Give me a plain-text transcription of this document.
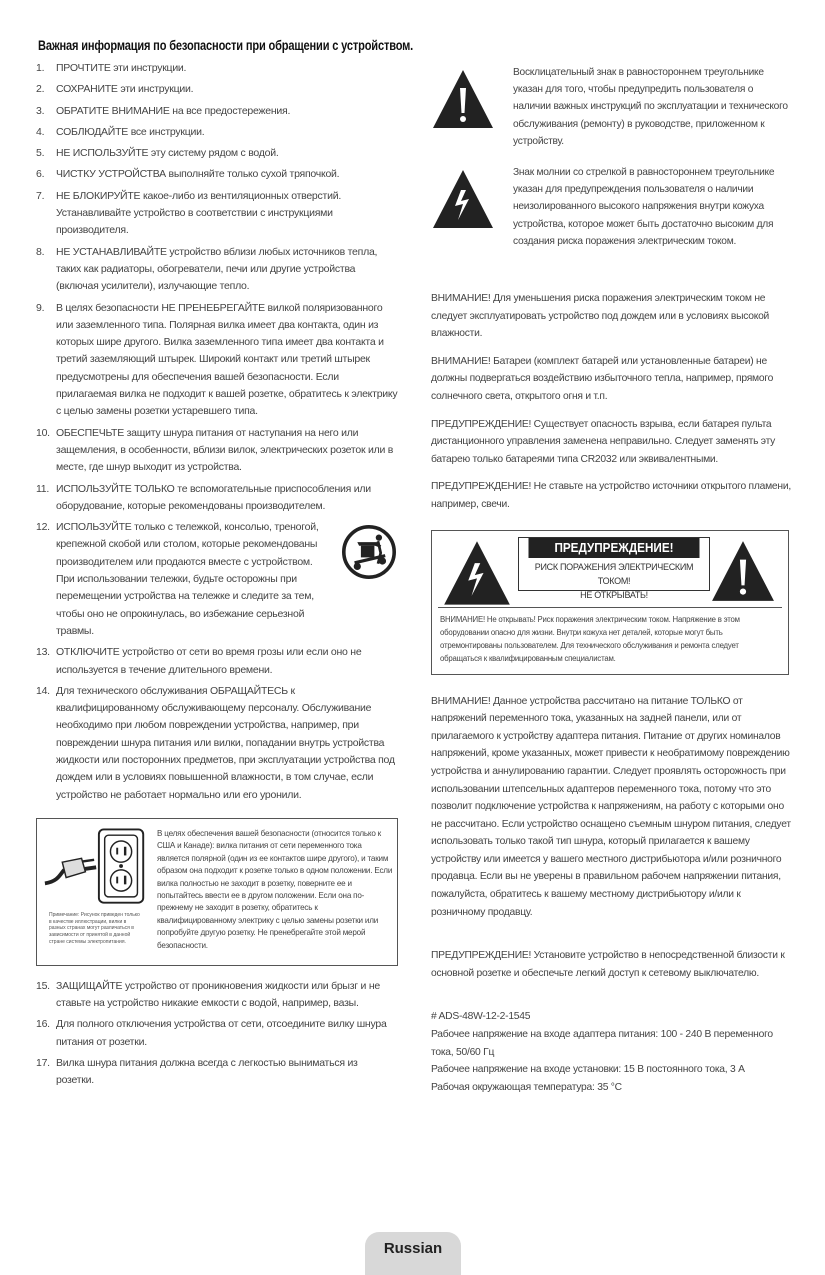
Важная информация по безопасности при обращении с устройством.
1. ПРОЧТИТЕ эти инструкции.
2. СОХРАНИТЕ эти инструкции.
3. ОБРАТИТЕ ВНИМАНИЕ на все предостережения.
4. СОБЛЮДАЙТЕ все инструкции.
5. НЕ ИСПОЛЬЗУЙТЕ эту систему рядом с водой.
6. ЧИСТКУ УСТРОЙСТВА выполняйте только сухой тряпочкой.
7. НЕ БЛОКИРУЙТЕ какое-либо из вентиляционных отверстий. Устанавливайте устройство в соответствии с инструкциями производителя.
8. НЕ УСТАНАВЛИВАЙТЕ устройство вблизи любых источников тепла, таких как радиаторы, обогреватели, печи или другие устройства (включая усилители), излучающие тепло.
9. В целях безопасности НЕ ПРЕНЕБРЕГАЙТЕ вилкой поляризованного или заземленного типа. Полярная вилка имеет два контакта, один из которых шире другого. Вилка заземленного типа имеет два контакта и третий заземляющий штырек. Широкий контакт или третий штырек предусмотрены для обеспечения вашей безопасности. Если прилагаемая вилка не подходит к вашей розетке, обратитесь к электрику с целью замены розетки устаревшего типа.
10. ОБЕСПЕЧЬТЕ защиту шнура питания от наступания на него или защемления, в особенности, вблизи вилок, электрических розеток или в месте, где шнур выходит из устройства.
11. ИСПОЛЬЗУЙТЕ ТОЛЬКО те вспомогательные приспособления или оборудование, которые рекомендованы производителем.
12. ИСПОЛЬЗУЙТЕ только с тележкой, консолью, треногой, крепежной скобой или столом, которые рекомендованы производителем или продаются вместе с устройством. При использовании тележки, будьте осторожны при перемещении устройства на тележке и следите за тем, чтобы оно не опрокинулась, во избежание серьезной травмы.
13. ОТКЛЮЧИТЕ устройство от сети во время грозы или если оно не используется в течение длительного времени.
14. Для технического обслуживания ОБРАЩАЙТЕСЬ к квалифицированному обслуживающему персоналу. Обслуживание необходимо при любом повреждении устройства, например, при повреждении шнура питания или вилки, попадании внутрь устройства жидкости или посторонних предметов, при эксплуатации устройства под дождем или в условиях повышенной влажности, в том случае, если устройство не работает нормально или его уронили.
Примечание: Рисунок приведен только в качестве иллюстрации, вилки в разных странах могут различаться в зависимости от принятой в данной стране системы электропитания.
В целях обеспечения вашей безопасности (относится только к США и Канаде): вилка питания от сети переменного тока является полярной (один из ее контактов шире другого), и таким образом она подходит к розетке только в одном положении. Если вилка полностью не заходит в розетку, поверните ее и попытайтесь ввести ее в другом положении. Если она по-прежнему не заходит в розетку, обратитесь к квалифицированному электрику с целью замены розетки или попробуйте другую розетку. Не пренебрегайте этой мерой безопасности.
15. ЗАЩИЩАЙТЕ устройство от проникновения жидкости или брызг и не ставьте на устройство никакие емкости с водой, например, вазы.
16. Для полного отключения устройства от сети, отсоедините вилку шнура питания от розетки.
17. Вилка шнура питания должна всегда с легкостью выниматься из розетки.
Восклицательный знак в равностороннем треугольнике указан для того, чтобы предупредить пользователя о наличии важных инструкций по эксплуатации и технического обслуживания (ремонту) в руководстве, приложенном к устройству.
Знак молнии со стрелкой в равностороннем треугольнике указан для предупреждения пользователя о наличии неизолированного высокого напряжения внутри кожуха устройства, которое может быть достаточно высоким для создания риска поражения электрическим током.

ВНИМАНИЕ! Для уменьшения риска поражения электрическим током не следует эксплуатировать устройство под дождем или в условиях высокой влажности.

ВНИМАНИЕ! Батареи (комплект батарей или установленные батареи) не должны подвергаться воздействию избыточного тепла, например, прямого солнечного света, открытого огня и т.п.

ПРЕДУПРЕЖДЕНИЕ! Существует опасность взрыва, если батарея пульта дистанционного управления заменена неправильно. Следует заменять эту батарею только батареями типа CR2032 или эквивалентными.

ПРЕДУПРЕЖДЕНИЕ! Не ставьте на устройство источники открытого пламени, например, свечи.

ПРЕДУПРЕЖДЕНИЕ!
РИСК ПОРАЖЕНИЯ ЭЛЕКТРИЧЕСКИМ ТОКОМ!
НЕ ОТКРЫВАТЬ!
ВНИМАНИЕ! Не открывать! Риск поражения электрическим током. Напряжение в этом оборудовании опасно для жизни. Внутри кожуха нет деталей, которые могут быть отремонтированы пользователем. Для технического обслуживания и ремонта следует обращаться к квалифицированным специалистам.

ВНИМАНИЕ! Данное устройства рассчитано на питание ТОЛЬКО от напряжений переменного тока, указанных на задней панели, или от прилагаемого к устройству адаптера питания. Питание от других номиналов напряжений, кроме указанных, может привести к необратимому повреждению устройства и аннулированию гарантии. Следует проявлять осторожность при использовании штепсельных адаптеров переменного тока, потому что это позволит подключение устройства к напряжениям, на работу с которыми оно не рассчитано. Если устройство оснащено съемным шнуром питания, следует использовать только такой тип шнура, который прилагается к вашему устройству или имеется у вашего местного дистрибьютора и/или розничного продавца. Если вы не уверены в правильном рабочем напряжении питания, пожалуйста, обратитесь к вашему местному дистрибьютору и/или к розничному продавцу.

ПРЕДУПРЕЖДЕНИЕ! Установите устройство в непосредственной близости к основной розетке и обеспечьте легкий доступ к сетевому выключателю.

# ADS-48W-12-2-1545

Рабочее напряжение на входе адаптера питания: 100 - 240 В переменного тока, 50/60 Гц

Рабочее напряжение на входе установки: 15 В постоянного тока, 3 А

Рабочая окружающая температура: 35 °C

Russian
